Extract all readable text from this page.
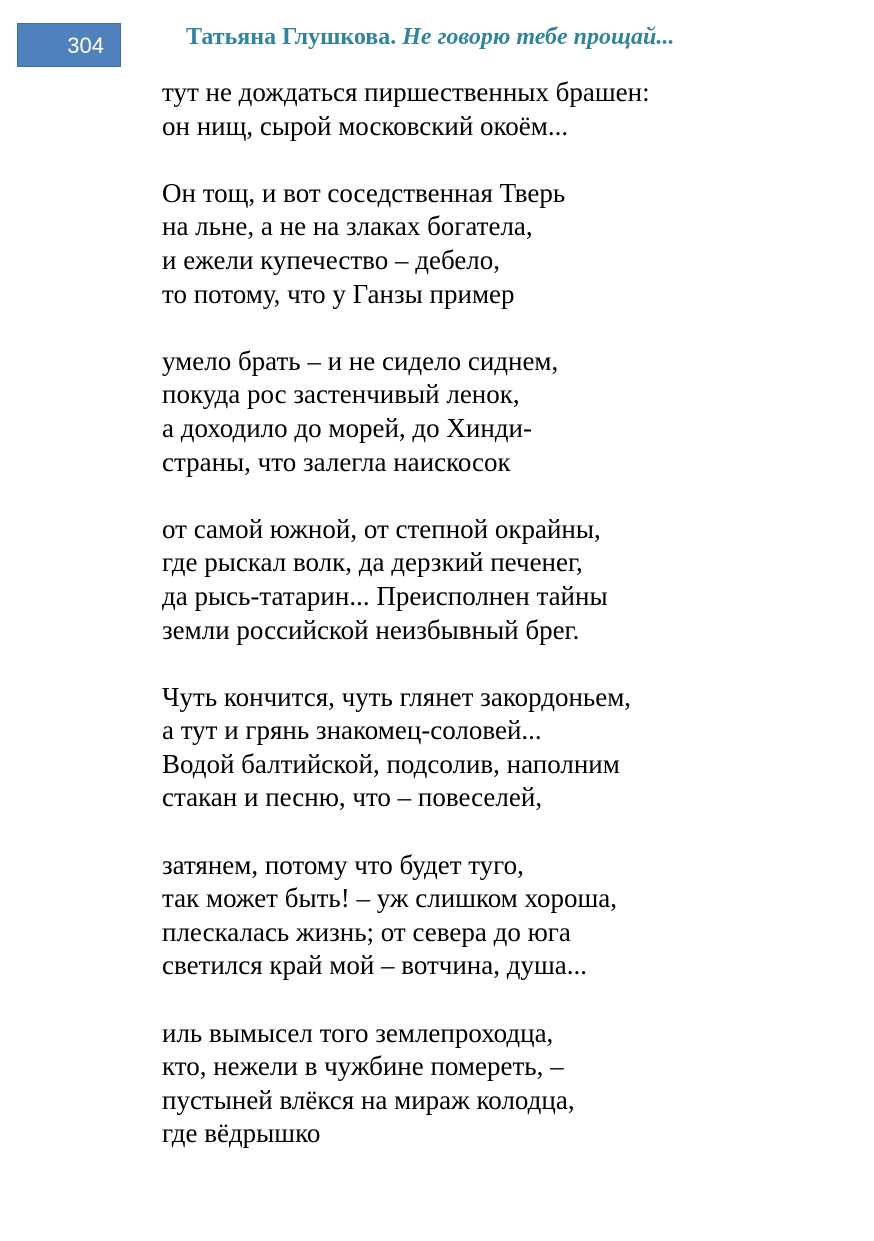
304	Татьяна Глушкова. Не говорю тебе прощай...
тут не дождаться пиршественных брашен:
он нищ, сырой московский окоём...
Он тощ, и вот соседственная Тверь
на льне, а не на злаках богатела,
и ежели купечество – дебело,
то потому, что у Ганзы пример
умело брать – и не сидело сиднем,
покуда рос застенчивый ленок,
а доходило до морей, до Хинди-
страны, что залегла наискосок
от самой южной, от степной окрайны,
где рыскал волк, да дерзкий печенег,
да рысь-татарин... Преисполнен тайны
земли российской неизбывный брег.
Чуть кончится, чуть глянет закордоньем,
а тут и грянь знакомец-соловей...
Водой балтийской, подсолив, наполним
стакан и песню, что – повеселей,
затянем, потому что будет туго,
так может быть! – уж слишком хороша,
плескалась жизнь; от севера до юга
светился край мой – вотчина, душа...
иль вымысел того землепроходца,
кто, нежели в чужбине помереть, –
пустыней влёкся на мираж колодца,
где вёдрышко
